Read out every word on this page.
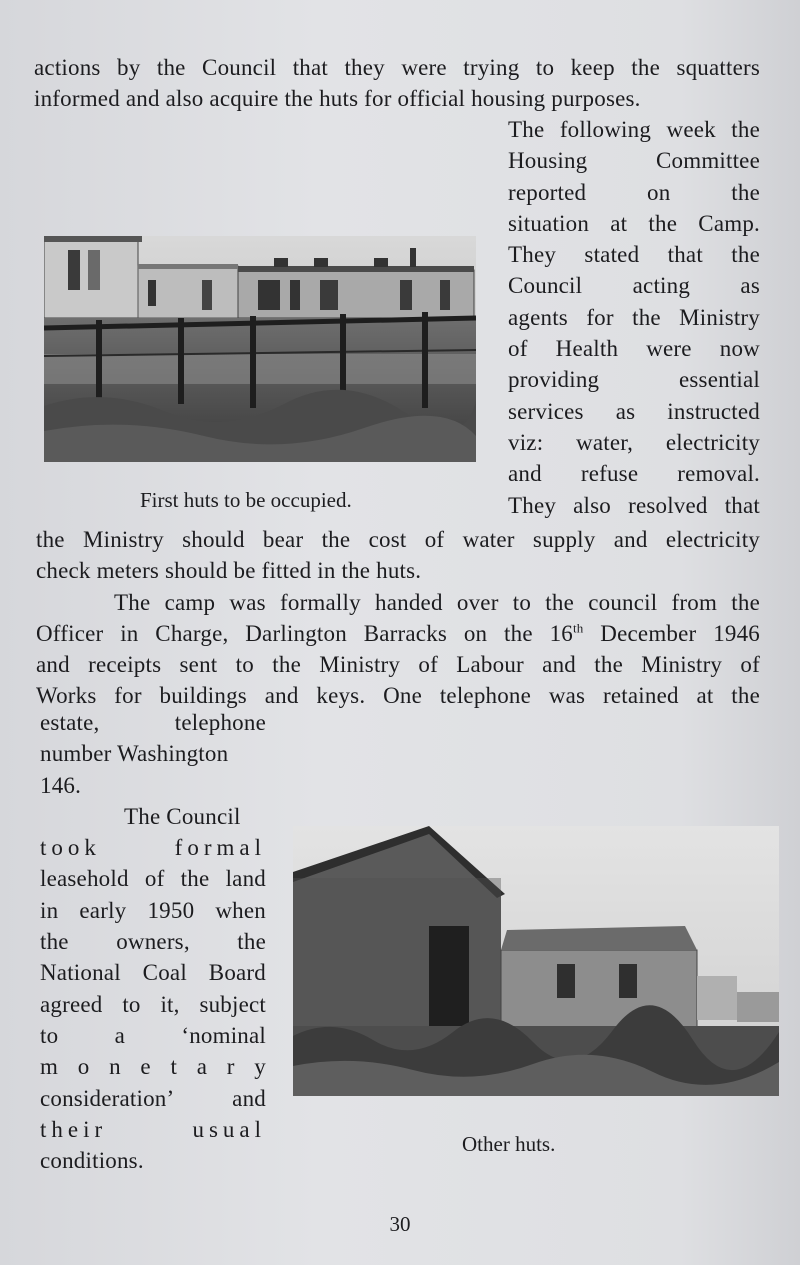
actions by the Council that they were trying to keep the squatters
informed and also acquire the huts for official housing purposes.
The following week the
Housing Committee
reported on the
situation at the Camp.
They stated that the
Council acting as
agents for the Ministry
of Health were now
providing essential
services as instructed
viz: water, electricity
and refuse removal.
They also resolved that
First huts to be occupied.
the Ministry should bear the cost of water supply and electricity
check meters should be fitted in the huts.
The camp was formally handed over to the council from the
Officer in Charge, Darlington Barracks on the 16th December 1946
and receipts sent to the Ministry of Labour and the Ministry of
Works for buildings and keys. One telephone was retained at the
estate, telephone
number Washington
146.
The Council
took formal
leasehold of the land
in early 1950 when
the owners, the
National Coal Board
agreed to it, subject
to a ‘nominal
m o n e t a r y
consideration’ and
their usual
conditions.
Other huts.
30
